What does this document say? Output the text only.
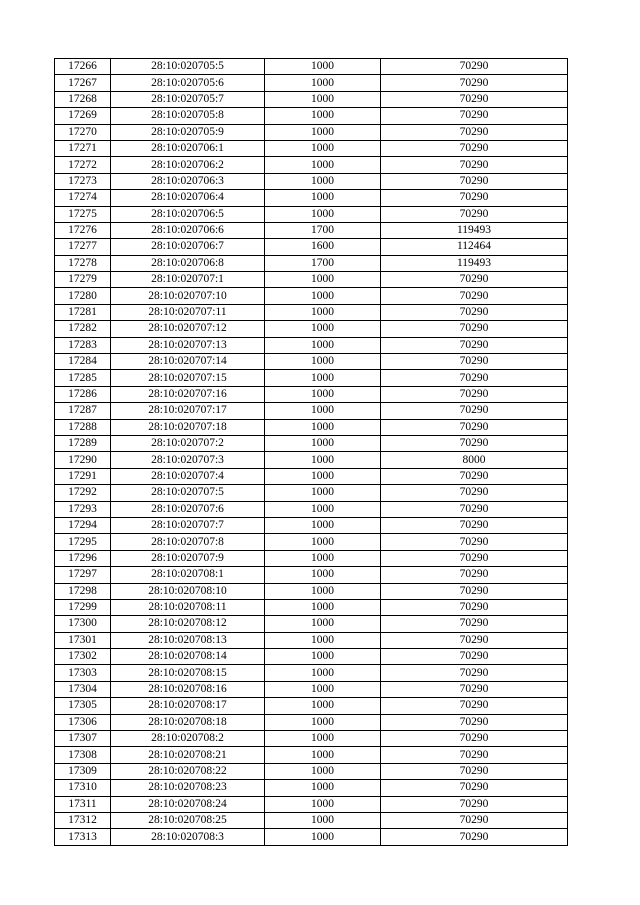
17266	28:10:020705:5	1000	70290
17267	28:10:020705:6	1000	70290
17268	28:10:020705:7	1000	70290
17269	28:10:020705:8	1000	70290
17270	28:10:020705:9	1000	70290
17271	28:10:020706:1	1000	70290
17272	28:10:020706:2	1000	70290
17273	28:10:020706:3	1000	70290
17274	28:10:020706:4	1000	70290
17275	28:10:020706:5	1000	70290
17276	28:10:020706:6	1700	119493
17277	28:10:020706:7	1600	112464
17278	28:10:020706:8	1700	119493
17279	28:10:020707:1	1000	70290
17280	28:10:020707:10	1000	70290
17281	28:10:020707:11	1000	70290
17282	28:10:020707:12	1000	70290
17283	28:10:020707:13	1000	70290
17284	28:10:020707:14	1000	70290
17285	28:10:020707:15	1000	70290
17286	28:10:020707:16	1000	70290
17287	28:10:020707:17	1000	70290
17288	28:10:020707:18	1000	70290
17289	28:10:020707:2	1000	70290
17290	28:10:020707:3	1000	8000
17291	28:10:020707:4	1000	70290
17292	28:10:020707:5	1000	70290
17293	28:10:020707:6	1000	70290
17294	28:10:020707:7	1000	70290
17295	28:10:020707:8	1000	70290
17296	28:10:020707:9	1000	70290
17297	28:10:020708:1	1000	70290
17298	28:10:020708:10	1000	70290
17299	28:10:020708:11	1000	70290
17300	28:10:020708:12	1000	70290
17301	28:10:020708:13	1000	70290
17302	28:10:020708:14	1000	70290
17303	28:10:020708:15	1000	70290
17304	28:10:020708:16	1000	70290
17305	28:10:020708:17	1000	70290
17306	28:10:020708:18	1000	70290
17307	28:10:020708:2	1000	70290
17308	28:10:020708:21	1000	70290
17309	28:10:020708:22	1000	70290
17310	28:10:020708:23	1000	70290
17311	28:10:020708:24	1000	70290
17312	28:10:020708:25	1000	70290
17313	28:10:020708:3	1000	70290
